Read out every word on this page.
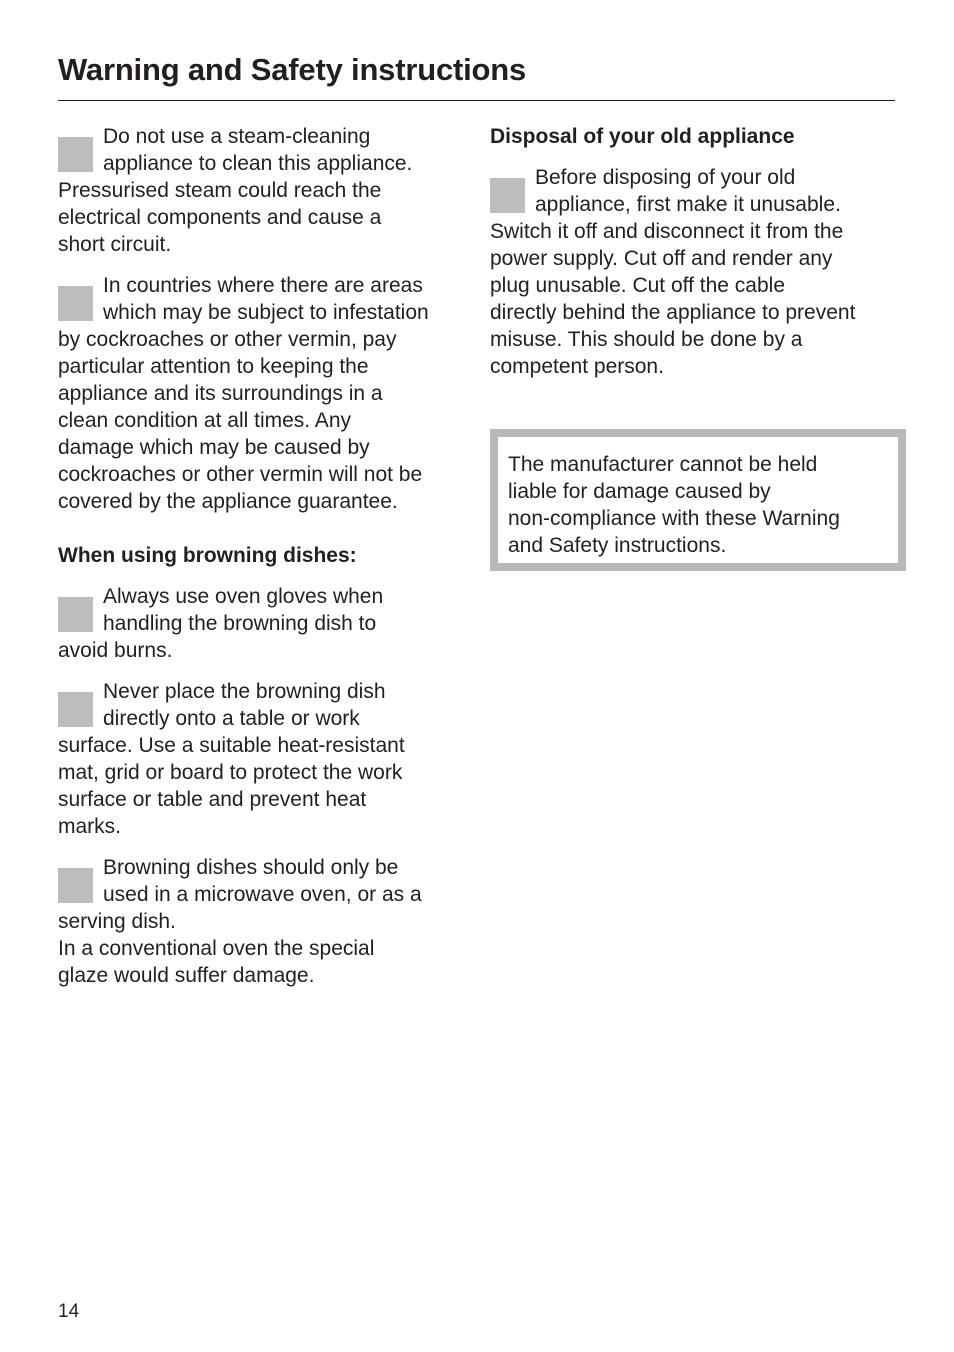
Warning and Safety instructions
Do not use a steam-cleaning
appliance to clean this appliance.
Pressurised steam could reach the
electrical components and cause a
short circuit.
In countries where there are areas
which may be subject to infestation
by cockroaches or other vermin, pay
particular attention to keeping the
appliance and its surroundings in a
clean condition at all times. Any
damage which may be caused by
cockroaches or other vermin will not be
covered by the appliance guarantee.
When using browning dishes:
Always use oven gloves when
handling the browning dish to
avoid burns.
Never place the browning dish
directly onto a table or work
surface. Use a suitable heat-resistant
mat, grid or board to protect the work
surface or table and prevent heat
marks.
Browning dishes should only be
used in a microwave oven, or as a
serving dish.
In a conventional oven the special
glaze would suffer damage.
Disposal of your old appliance
Before disposing of your old
appliance, first make it unusable.
Switch it off and disconnect it from the
power supply. Cut off and render any
plug unusable. Cut off the cable
directly behind the appliance to prevent
misuse. This should be done by a
competent person.
The manufacturer cannot be held
liable for damage caused by
non-compliance with these Warning
and Safety instructions.
14
